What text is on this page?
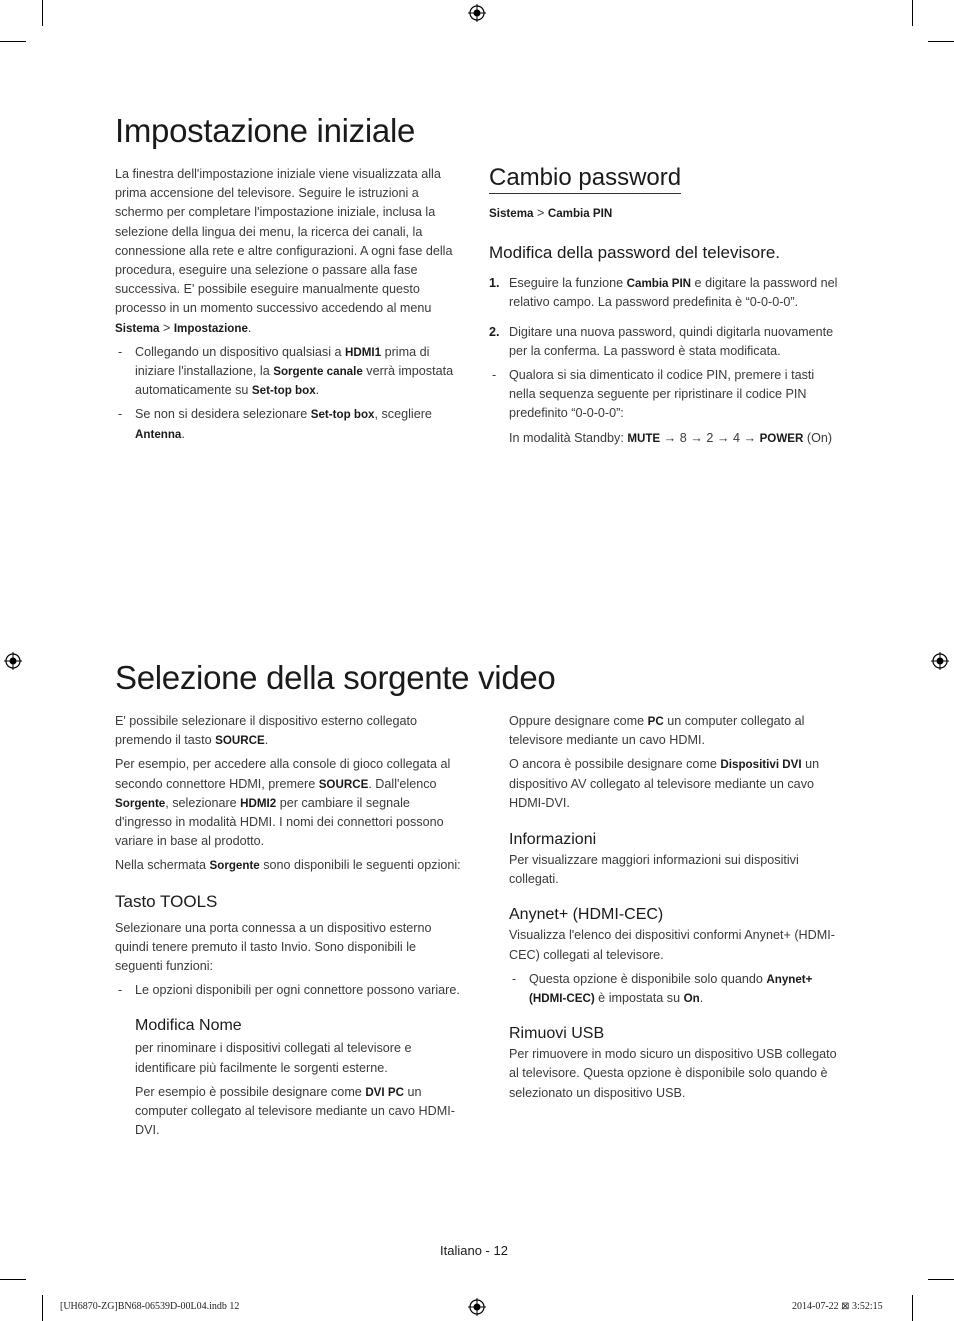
Impostazione iniziale

La finestra dell'impostazione iniziale viene visualizzata alla prima accensione del televisore. Seguire le istruzioni a schermo per completare l'impostazione iniziale, inclusa la selezione della lingua dei menu, la ricerca dei canali, la connessione alla rete e altre configurazioni. A ogni fase della procedura, eseguire una selezione o passare alla fase successiva. E' possibile eseguire manualmente questo processo in un momento successivo accedendo al menu Sistema > Impostazione.

- Collegando un dispositivo qualsiasi a HDMI1 prima di iniziare l'installazione, la Sorgente canale verrà impostata automaticamente su Set-top box.

- Se non si desidera selezionare Set-top box, scegliere Antenna.

Cambio password

Sistema > Cambia PIN

Modifica della password del televisore.

1. Eseguire la funzione Cambia PIN e digitare la password nel relativo campo. La password predefinita è “0-0-0-0”.

2. Digitare una nuova password, quindi digitarla nuovamente per la conferma. La password è stata modificata.

- Qualora si sia dimenticato il codice PIN, premere i tasti nella sequenza seguente per ripristinare il codice PIN predefinito “0-0-0-0”:

In modalità Standby: MUTE → 8 → 2 → 4 → POWER (On)

Selezione della sorgente video

E' possibile selezionare il dispositivo esterno collegato premendo il tasto SOURCE.

Per esempio, per accedere alla console di gioco collegata al secondo connettore HDMI, premere SOURCE. Dall'elenco Sorgente, selezionare HDMI2 per cambiare il segnale d'ingresso in modalità HDMI. I nomi dei connettori possono variare in base al prodotto.

Nella schermata Sorgente sono disponibili le seguenti opzioni:

Tasto TOOLS

Selezionare una porta connessa a un dispositivo esterno quindi tenere premuto il tasto Invio. Sono disponibili le seguenti funzioni:

- Le opzioni disponibili per ogni connettore possono variare.

Modifica Nome

per rinominare i dispositivi collegati al televisore e identificare più facilmente le sorgenti esterne.

Per esempio è possibile designare come DVI PC un computer collegato al televisore mediante un cavo HDMI-DVI.

Oppure designare come PC un computer collegato al televisore mediante un cavo HDMI.

O ancora è possibile designare come Dispositivi DVI un dispositivo AV collegato al televisore mediante un cavo HDMI-DVI.

Informazioni

Per visualizzare maggiori informazioni sui dispositivi collegati.

Anynet+ (HDMI-CEC)

Visualizza l'elenco dei dispositivi conformi Anynet+ (HDMI-CEC) collegati al televisore.

- Questa opzione è disponibile solo quando Anynet+ (HDMI-CEC) è impostata su On.

Rimuovi USB

Per rimuovere in modo sicuro un dispositivo USB collegato al televisore. Questa opzione è disponibile solo quando è selezionato un dispositivo USB.

Italiano - 12
[UH6870-ZG]BN68-06539D-00L04.indb 12	2014-07-22 ⊠ 3:52:15
